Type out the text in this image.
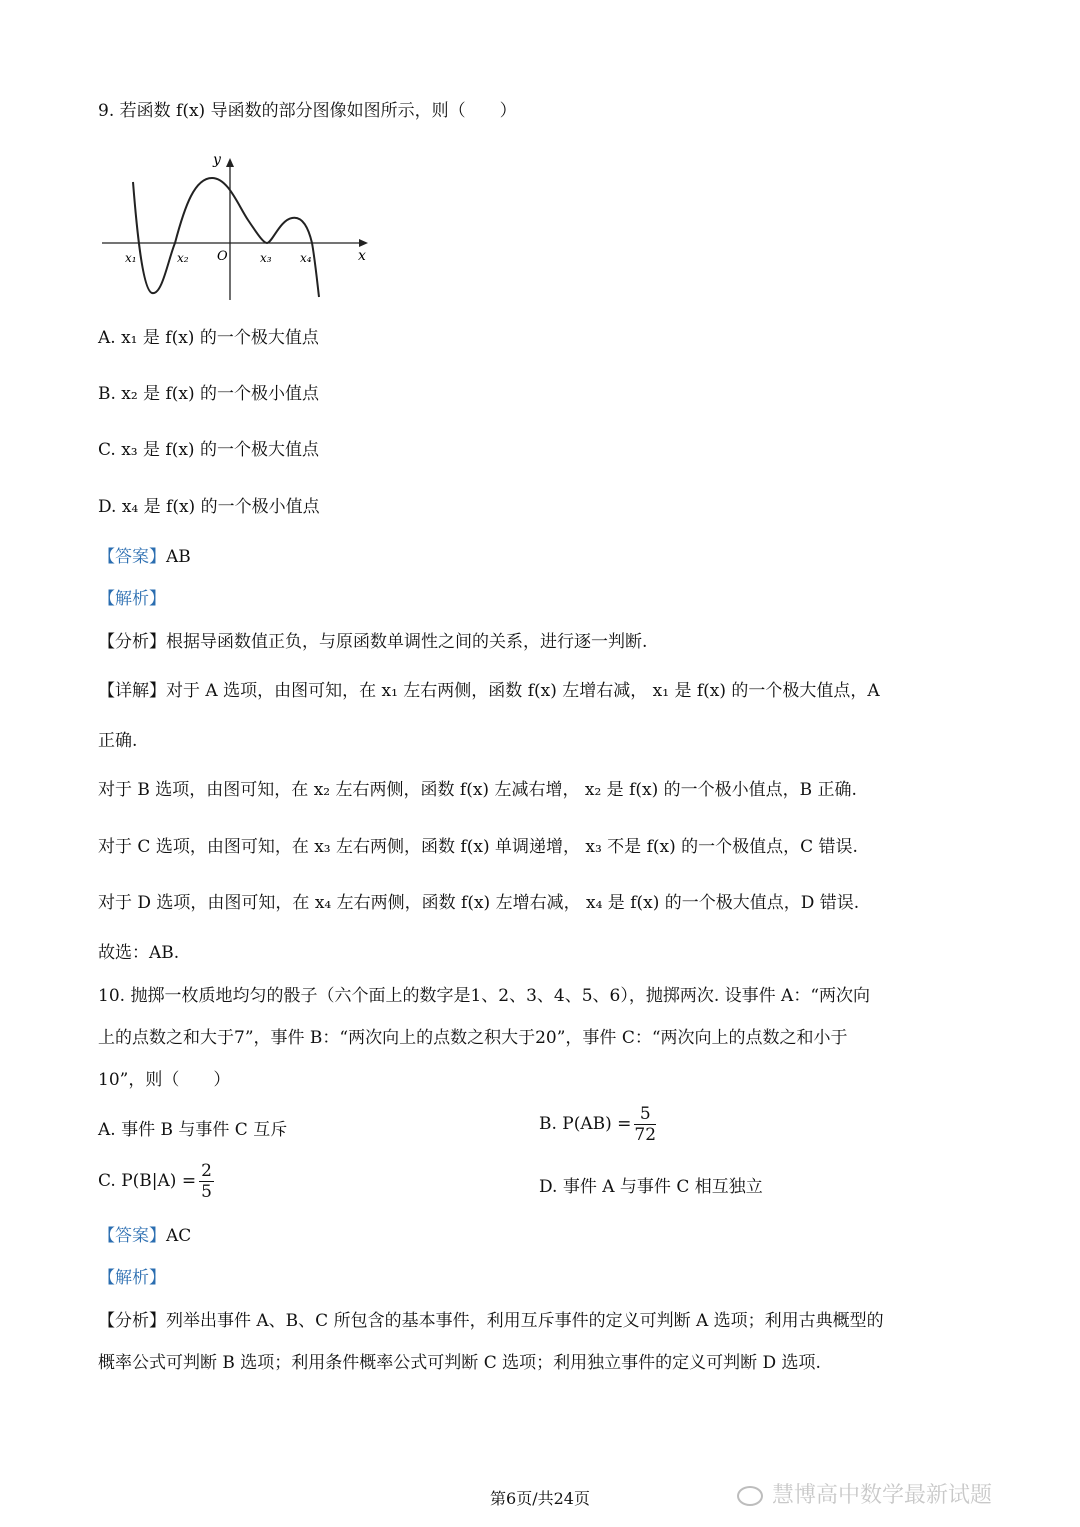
9. 若函数 f(x) 导函数的部分图像如图所示，则（　　）
y
x
O
x₁	x₂	x₃ x₄
A. x₁ 是 f(x) 的一个极大值点
B. x₂ 是 f(x) 的一个极小值点
C. x₃ 是 f(x) 的一个极大值点
D. x₄ 是 f(x) 的一个极小值点
【答案】AB
【解析】
【分析】根据导函数值正负，与原函数单调性之间的关系，进行逐一判断.
【详解】对于 A 选项，由图可知，在 x₁ 左右两侧，函数 f(x) 左增右减， x₁ 是 f(x) 的一个极大值点，A
正确.
对于 B 选项，由图可知，在 x₂ 左右两侧，函数 f(x) 左减右增， x₂ 是 f(x) 的一个极小值点，B 正确.
对于 C 选项，由图可知，在 x₃ 左右两侧，函数 f(x) 单调递增， x₃ 不是 f(x) 的一个极值点，C 错误.
对于 D 选项，由图可知，在 x₄ 左右两侧，函数 f(x) 左增右减， x₄ 是 f(x) 的一个极大值点，D 错误.
故选：AB.
10. 抛掷一枚质地均匀的骰子（六个面上的数字是1、2、3、4、5、6），抛掷两次. 设事件 A：“两次向
上的点数之和大于7”，事件 B：“两次向上的点数之积大于20”，事件 C：“两次向上的点数之和小于
10”，则（　　）
A. 事件 B 与事件 C 互斥	B. $P(AB) = \frac{5}{72}$
C. $P(B|A) = \frac{2}{5}$	D. 事件 A 与事件 C 相互独立
【答案】AC
【解析】
【分析】列举出事件 A、B、C 所包含的基本事件，利用互斥事件的定义可判断 A 选项；利用古典概型的
概率公式可判断 B 选项；利用条件概率公式可判断 C 选项；利用独立事件的定义可判断 D 选项.
第6页/共24页	慧博高中数学最新试题
